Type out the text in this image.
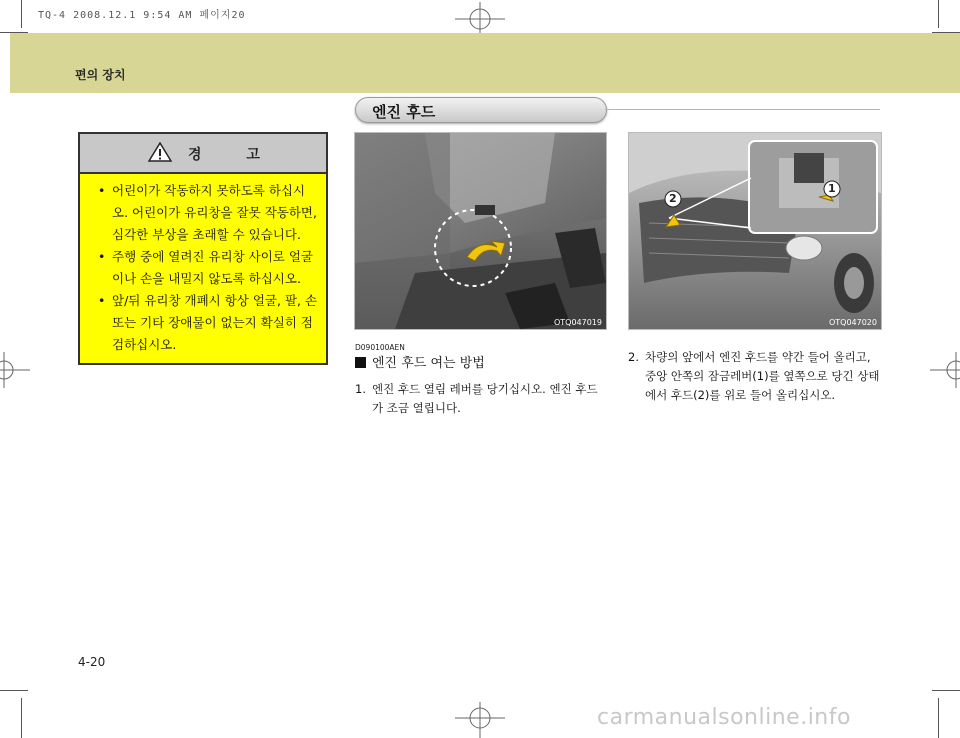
TQ-4 2008.12.1 9:54 AM 페이지20
편의 장치
엔진 후드
경 고
• 어린이가 작동하지 못하도록 하십시오. 어린이가 유리창을 잘못 작동하면, 심각한 부상을 초래할 수 있습니다.
• 주행 중에 열려진 유리창 사이로 얼굴이나 손을 내밀지 않도록 하십시오.
• 앞/뒤 유리창 개폐시 항상 얼굴, 팔, 손 또는 기타 장애물이 없는지 확실히 점검하십시오.
OTQ047019
2
1
OTQ047020
D090100AEN
엔진 후드 여는 방법
1. 엔진 후드 열림 레버를 당기십시오. 엔진 후드가 조금 열립니다.
2. 차량의 앞에서 엔진 후드를 약간 들어 올리고, 중앙 안쪽의 잠금레버(1)를 옆쪽으로 당긴 상태에서 후드(2)를 위로 들어 올리십시오.
4-20
carmanualsonline.info
